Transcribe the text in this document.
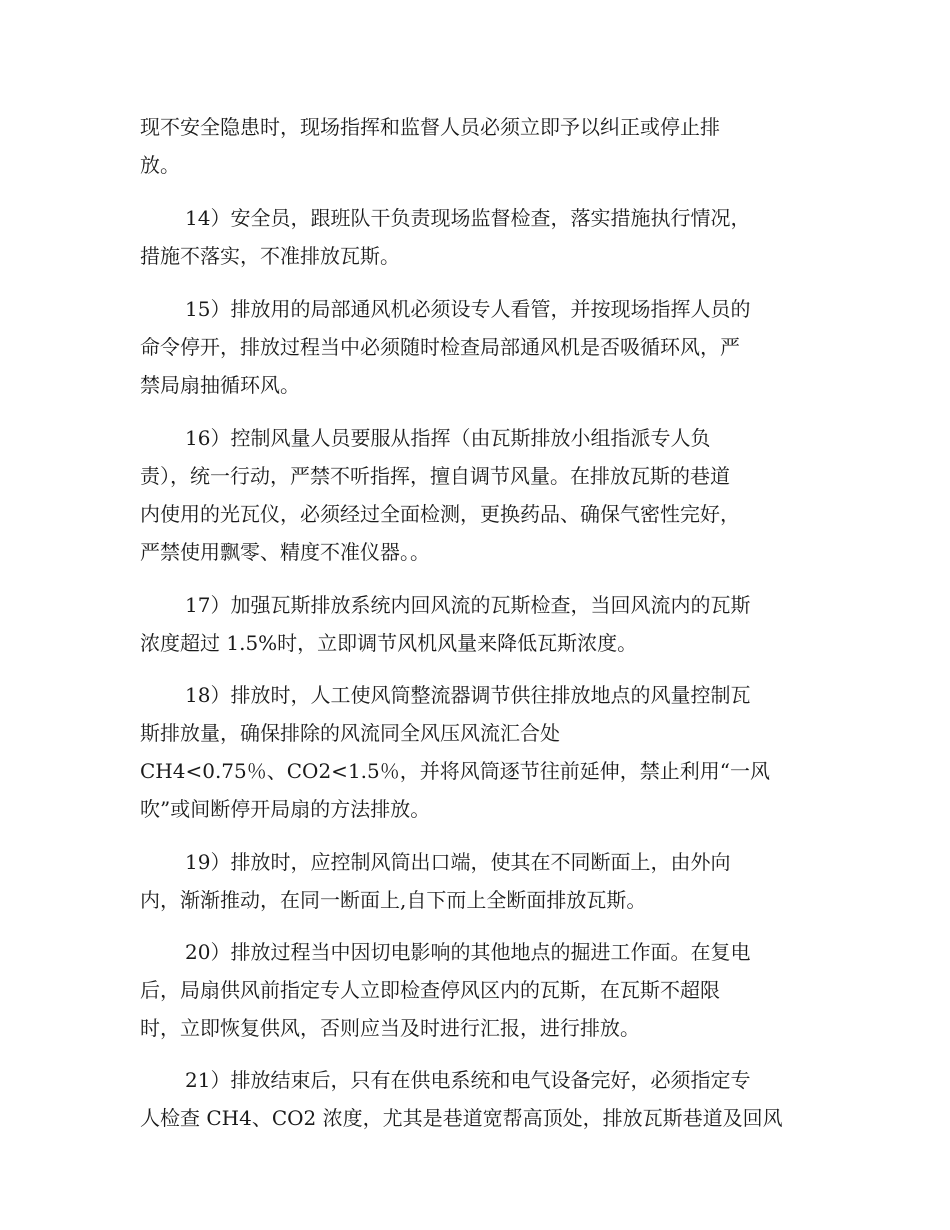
现不安全隐患时，现场指挥和监督人员必须立即予以纠正或停止排
放。
14）安全员，跟班队干负责现场监督检查，落实措施执行情况，
措施不落实，不准排放瓦斯。
15）排放用的局部通风机必须设专人看管，并按现场指挥人员的
命令停开，排放过程当中必须随时检查局部通风机是否吸循环风，严
禁局扇抽循环风。
16）控制风量人员要服从指挥（由瓦斯排放小组指派专人负
责），统一行动，严禁不听指挥，擅自调节风量。在排放瓦斯的巷道
内使用的光瓦仪，必须经过全面检测，更换药品、确保气密性完好，
严禁使用飘零、精度不准仪器。。
17）加强瓦斯排放系统内回风流的瓦斯检查，当回风流内的瓦斯
浓度超过 1.5%时，立即调节风机风量来降低瓦斯浓度。
18）排放时，人工使风筒整流器调节供往排放地点的风量控制瓦
斯排放量，确保排除的风流同全风压风流汇合处
CH4<0.75％、CO2<1.5％，并将风筒逐节往前延伸，禁止利用“一风
吹”或间断停开局扇的方法排放。
19）排放时，应控制风筒出口端，使其在不同断面上，由外向
内，渐渐推动，在同一断面上,自下而上全断面排放瓦斯。
20）排放过程当中因切电影响的其他地点的掘进工作面。在复电
后，局扇供风前指定专人立即检查停风区内的瓦斯，在瓦斯不超限
时，立即恢复供风，否则应当及时进行汇报，进行排放。
21）排放结束后，只有在供电系统和电气设备完好，必须指定专
人检查 CH4、CO2 浓度，尤其是巷道宽帮高顶处，排放瓦斯巷道及回风
